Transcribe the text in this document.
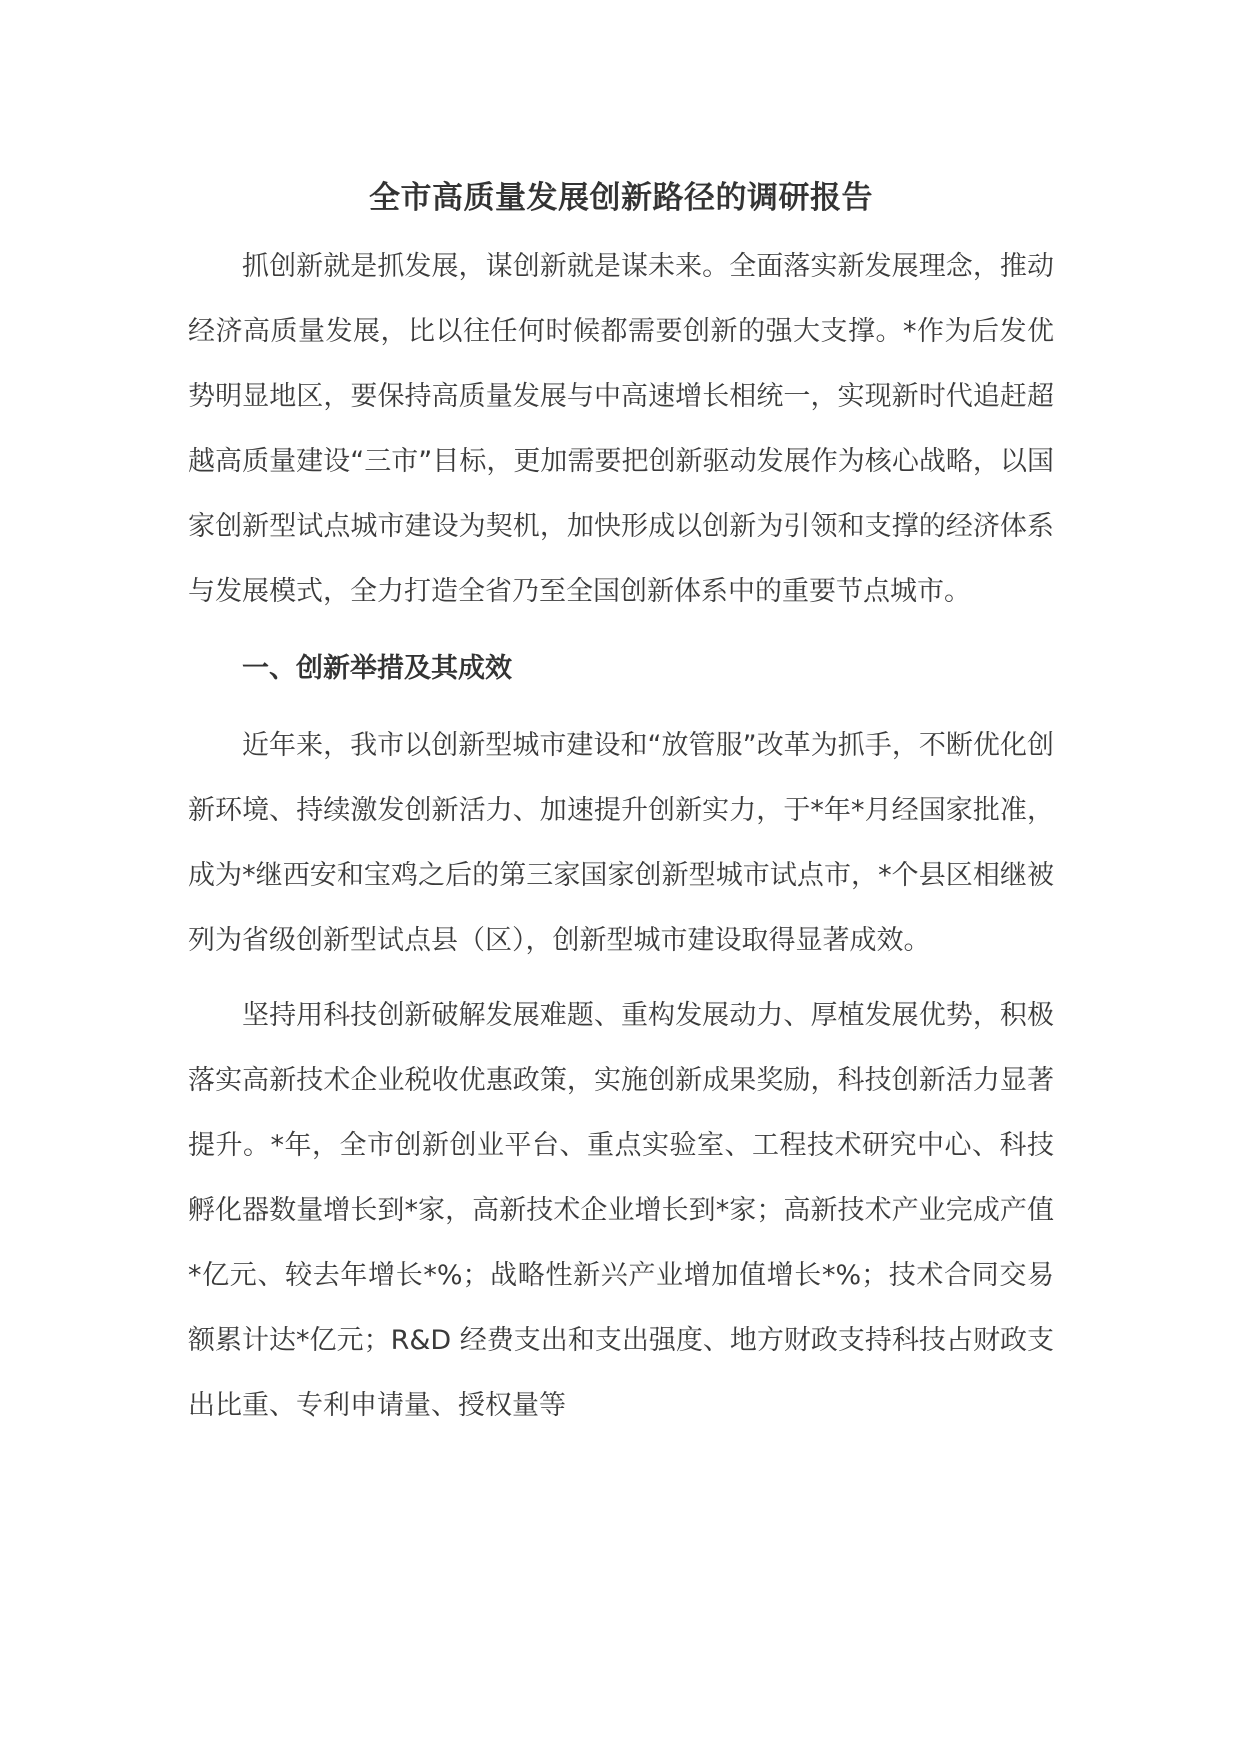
全市高质量发展创新路径的调研报告

抓创新就是抓发展，谋创新就是谋未来。全面落实新发展理念，推动经济高质量发展，比以往任何时候都需要创新的强大支撑。*作为后发优势明显地区，要保持高质量发展与中高速增长相统一，实现新时代追赶超越高质量建设“三市”目标，更加需要把创新驱动发展作为核心战略，以国家创新型试点城市建设为契机，加快形成以创新为引领和支撑的经济体系与发展模式，全力打造全省乃至全国创新体系中的重要节点城市。

一、创新举措及其成效

近年来，我市以创新型城市建设和“放管服”改革为抓手，不断优化创新环境、持续激发创新活力、加速提升创新实力，于*年*月经国家批准，成为*继西安和宝鸡之后的第三家国家创新型城市试点市，*个县区相继被列为省级创新型试点县（区），创新型城市建设取得显著成效。

坚持用科技创新破解发展难题、重构发展动力、厚植发展优势，积极落实高新技术企业税收优惠政策，实施创新成果奖励，科技创新活力显著提升。*年，全市创新创业平台、重点实验室、工程技术研究中心、科技孵化器数量增长到*家，高新技术企业增长到*家；高新技术产业完成产值*亿元、较去年增长*%；战略性新兴产业增加值增长*%；技术合同交易额累计达*亿元；R&D 经费支出和支出强度、地方财政支持科技占财政支出比重、专利申请量、授权量等
